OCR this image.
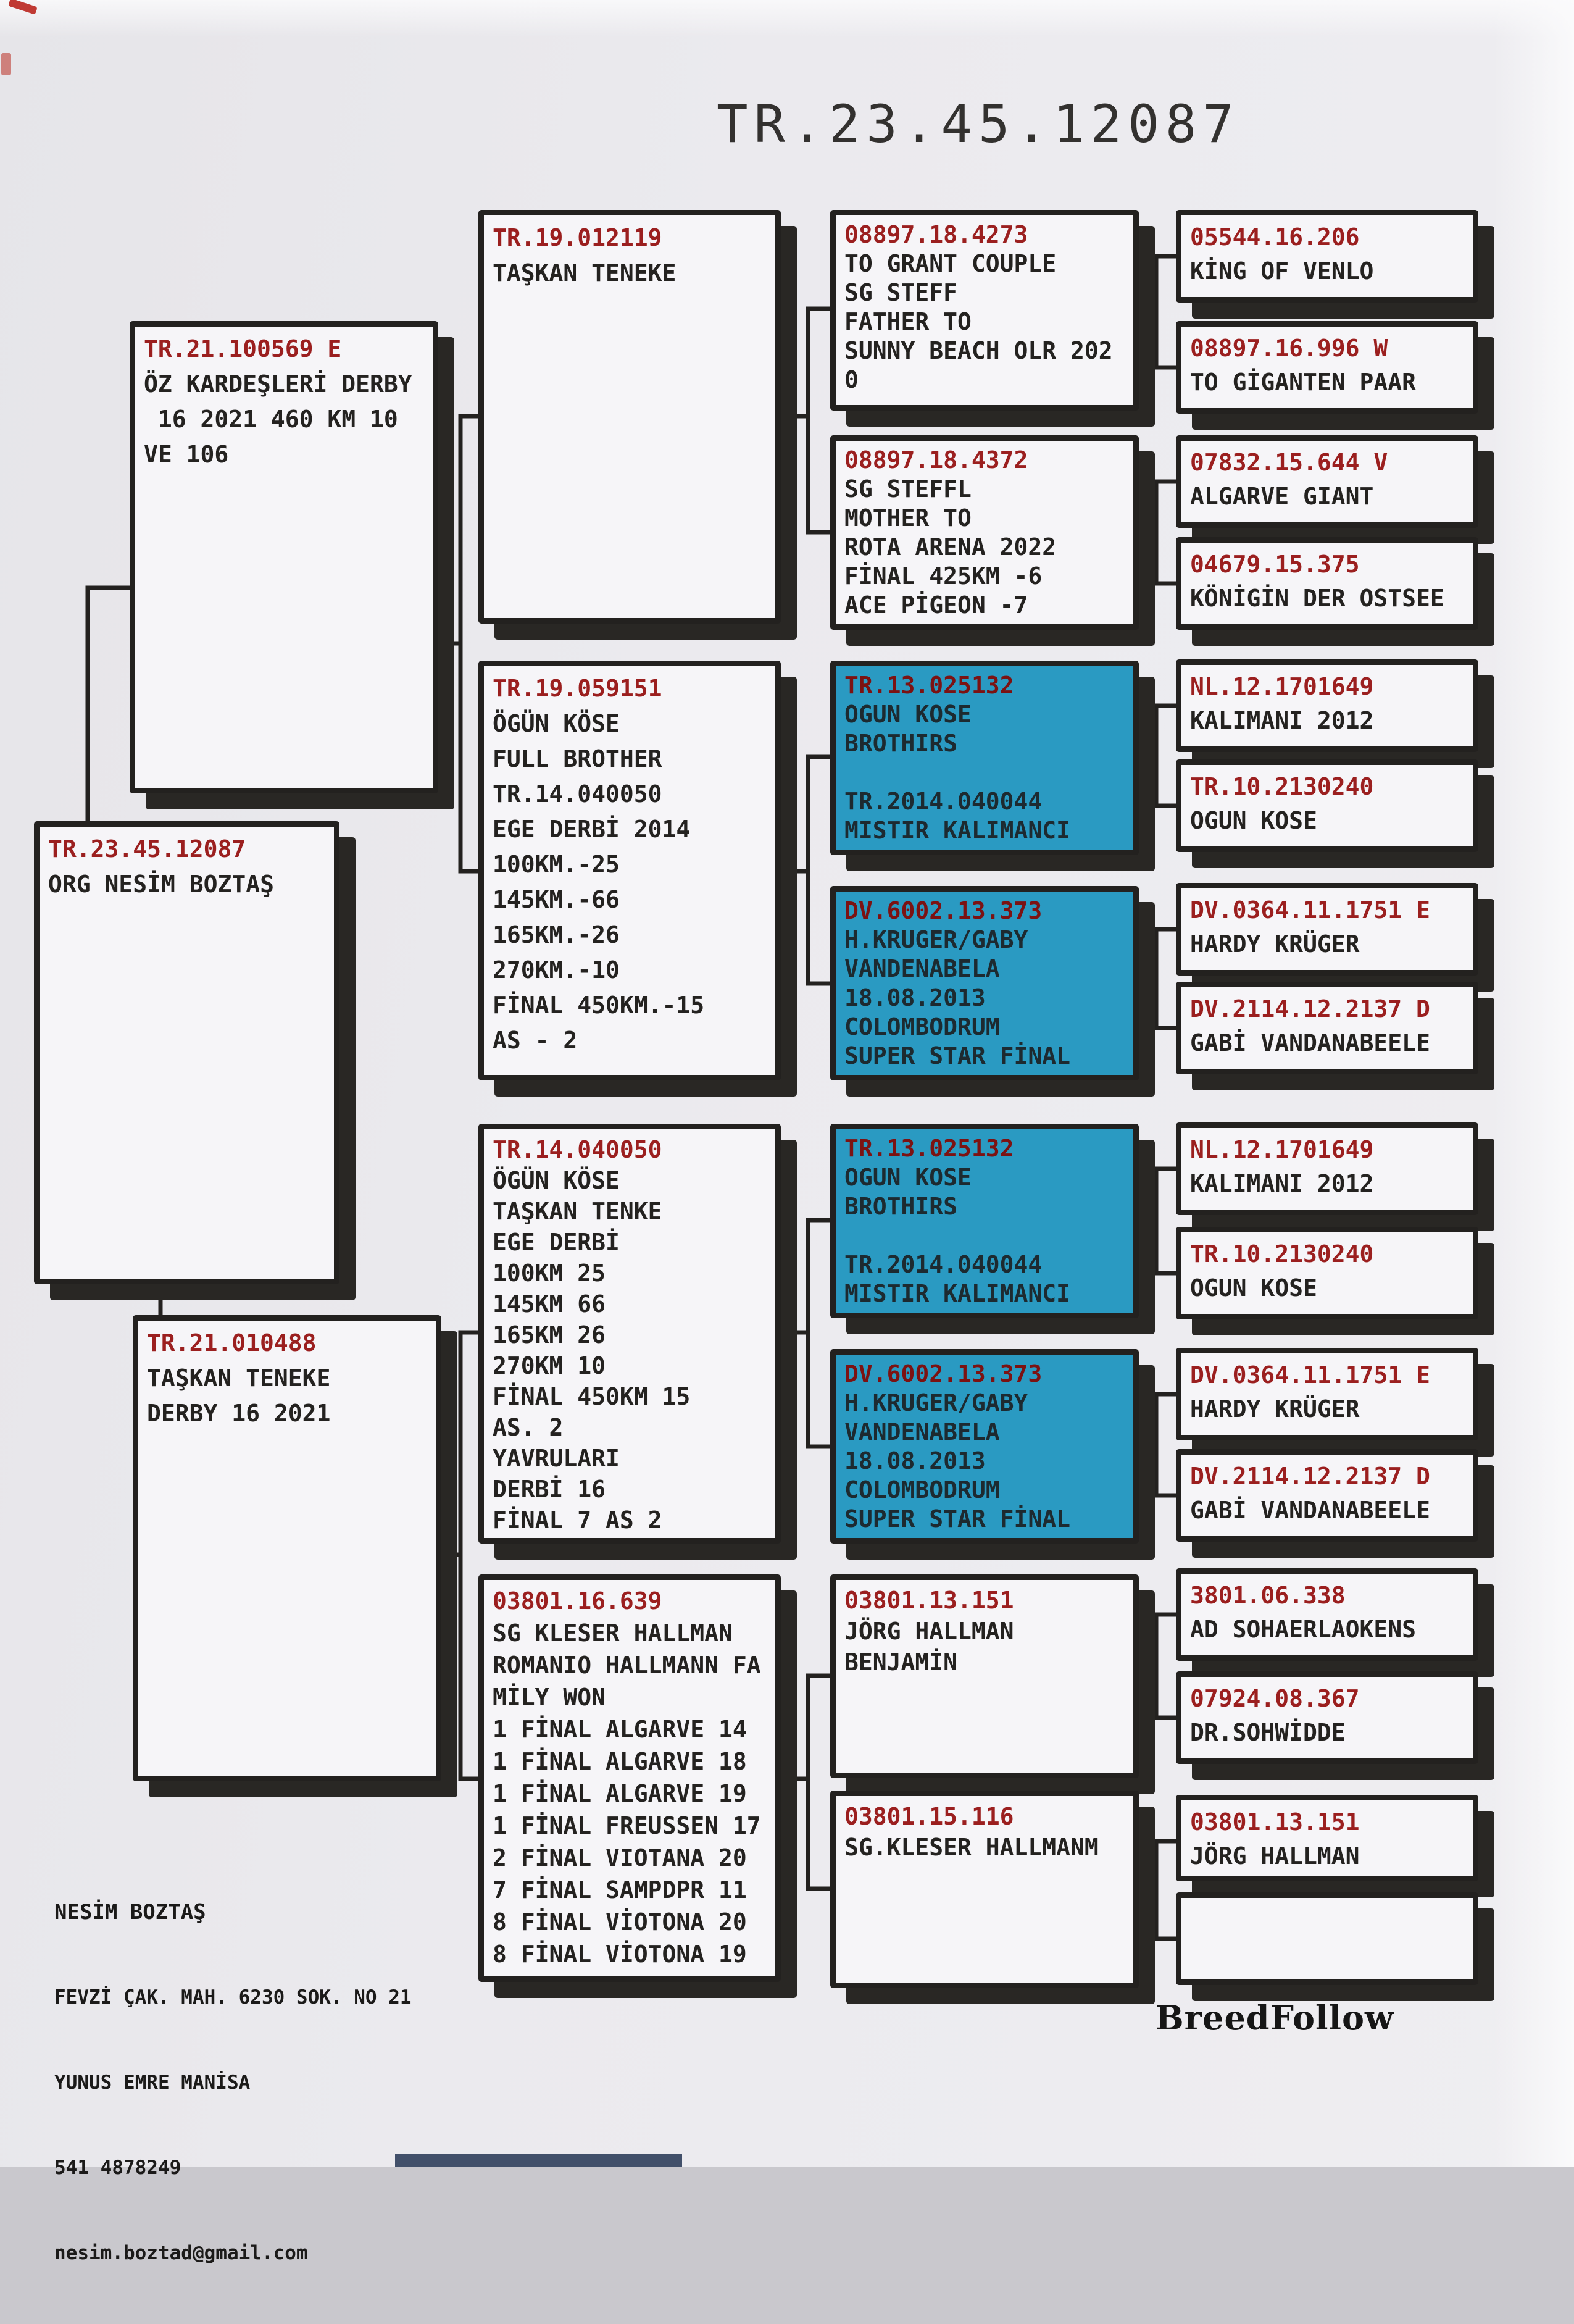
TR.23.45.12087
TR.23.45.12087
ORG NESİM BOZTAŞ
TR.21.100569 E
ÖZ KARDEŞLERİ DERBY
16 2021 460 KM 10
VE 106
TR.21.010488
TAŞKAN TENEKE
DERBY 16 2021
TR.19.012119
TAŞKAN TENEKE
TR.19.059151
ÖGÜN KÖSE
FULL BROTHER
TR.14.040050
EGE DERBİ 2014
100KM.-25
145KM.-66
165KM.-26
270KM.-10
FİNAL 450KM.-15
AS - 2
TR.14.040050
ÖGÜN KÖSE
TAŞKAN TENKE
EGE DERBİ
100KM 25
145KM 66
165KM 26
270KM 10
FİNAL 450KM 15
AS. 2
YAVRULARI
DERBİ 16
FİNAL 7 AS 2
03801.16.639
SG KLESER HALLMAN
ROMANIO HALLMANN FA
MİLY WON
1 FİNAL ALGARVE 14
1 FİNAL ALGARVE 18
1 FİNAL ALGARVE 19
1 FİNAL FREUSSEN 17
2 FİNAL VIOTANA 20
7 FİNAL SAMPDPR 11
8 FİNAL VİOTONA 20
8 FİNAL VİOTONA 19
08897.18.4273
TO GRANT COUPLE
SG STEFF
FATHER TO
SUNNY BEACH OLR 202
0
08897.18.4372
SG STEFFL
MOTHER TO
ROTA ARENA 2022
FİNAL 425KM -6
ACE PİGEON -7
TR.13.025132
OGUN KOSE
BROTHIRS

TR.2014.040044
MISTIR KALIMANCI
DV.6002.13.373
H.KRUGER/GABY
VANDENABELA
18.08.2013
COLOMBODRUM
SUPER STAR FİNAL
TR.13.025132
OGUN KOSE
BROTHIRS

TR.2014.040044
MISTIR KALIMANCI
DV.6002.13.373
H.KRUGER/GABY
VANDENABELA
18.08.2013
COLOMBODRUM
SUPER STAR FİNAL
03801.13.151
JÖRG HALLMAN
BENJAMİN
03801.15.116
SG.KLESER HALLMANM
05544.16.206
KİNG OF VENLO
08897.16.996 W
TO GİGANTEN PAAR
07832.15.644 V
ALGARVE GIANT
04679.15.375
KÖNİGİN DER OSTSEE
NL.12.1701649
KALIMANI 2012
TR.10.2130240
OGUN KOSE
DV.0364.11.1751 E
HARDY KRÜGER
DV.2114.12.2137 D
GABİ VANDANABEELE
NL.12.1701649
KALIMANI 2012
TR.10.2130240
OGUN KOSE
DV.0364.11.1751 E
HARDY KRÜGER
DV.2114.12.2137 D
GABİ VANDANABEELE
3801.06.338
AD SOHAERLAOKENS
07924.08.367
DR.SOHWİDDE
03801.13.151
JÖRG HALLMAN

NESİM BOZTAŞ

FEVZİ ÇAK. MAH. 6230 SOK. NO 21

YUNUS EMRE MANİSA

541 4878249

nesim.boztad@gmail.com

BreedFollow
